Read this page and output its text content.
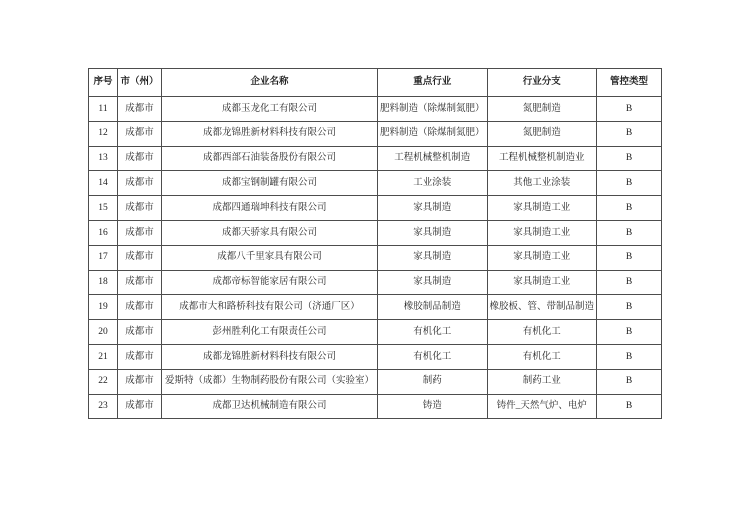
序号	市（州）	企业名称	重点行业	行业分支	管控类型
11	成都市	成都玉龙化工有限公司	肥料制造（除煤制氮肥）	氮肥制造	B
12	成都市	成都龙锦胜新材料科技有限公司	肥料制造（除煤制氮肥）	氮肥制造	B
13	成都市	成都西部石油装备股份有限公司	工程机械整机制造	工程机械整机制造业	B
14	成都市	成都宝钢制罐有限公司	工业涂装	其他工业涂装	B
15	成都市	成都四通瑞坤科技有限公司	家具制造	家具制造工业	B
16	成都市	成都天骄家具有限公司	家具制造	家具制造工业	B
17	成都市	成都八千里家具有限公司	家具制造	家具制造工业	B
18	成都市	成都帝标智能家居有限公司	家具制造	家具制造工业	B
19	成都市	成都市大和路桥科技有限公司（济通厂区）	橡胶制品制造	橡胶板、管、带制品制造	B
20	成都市	彭州胜利化工有限责任公司	有机化工	有机化工	B
21	成都市	成都龙锦胜新材料科技有限公司	有机化工	有机化工	B
22	成都市	爱斯特（成都）生物制药股份有限公司（实验室）	制药	制药工业	B
23	成都市	成都卫达机械制造有限公司	铸造	铸件_天然气炉、电炉	B
